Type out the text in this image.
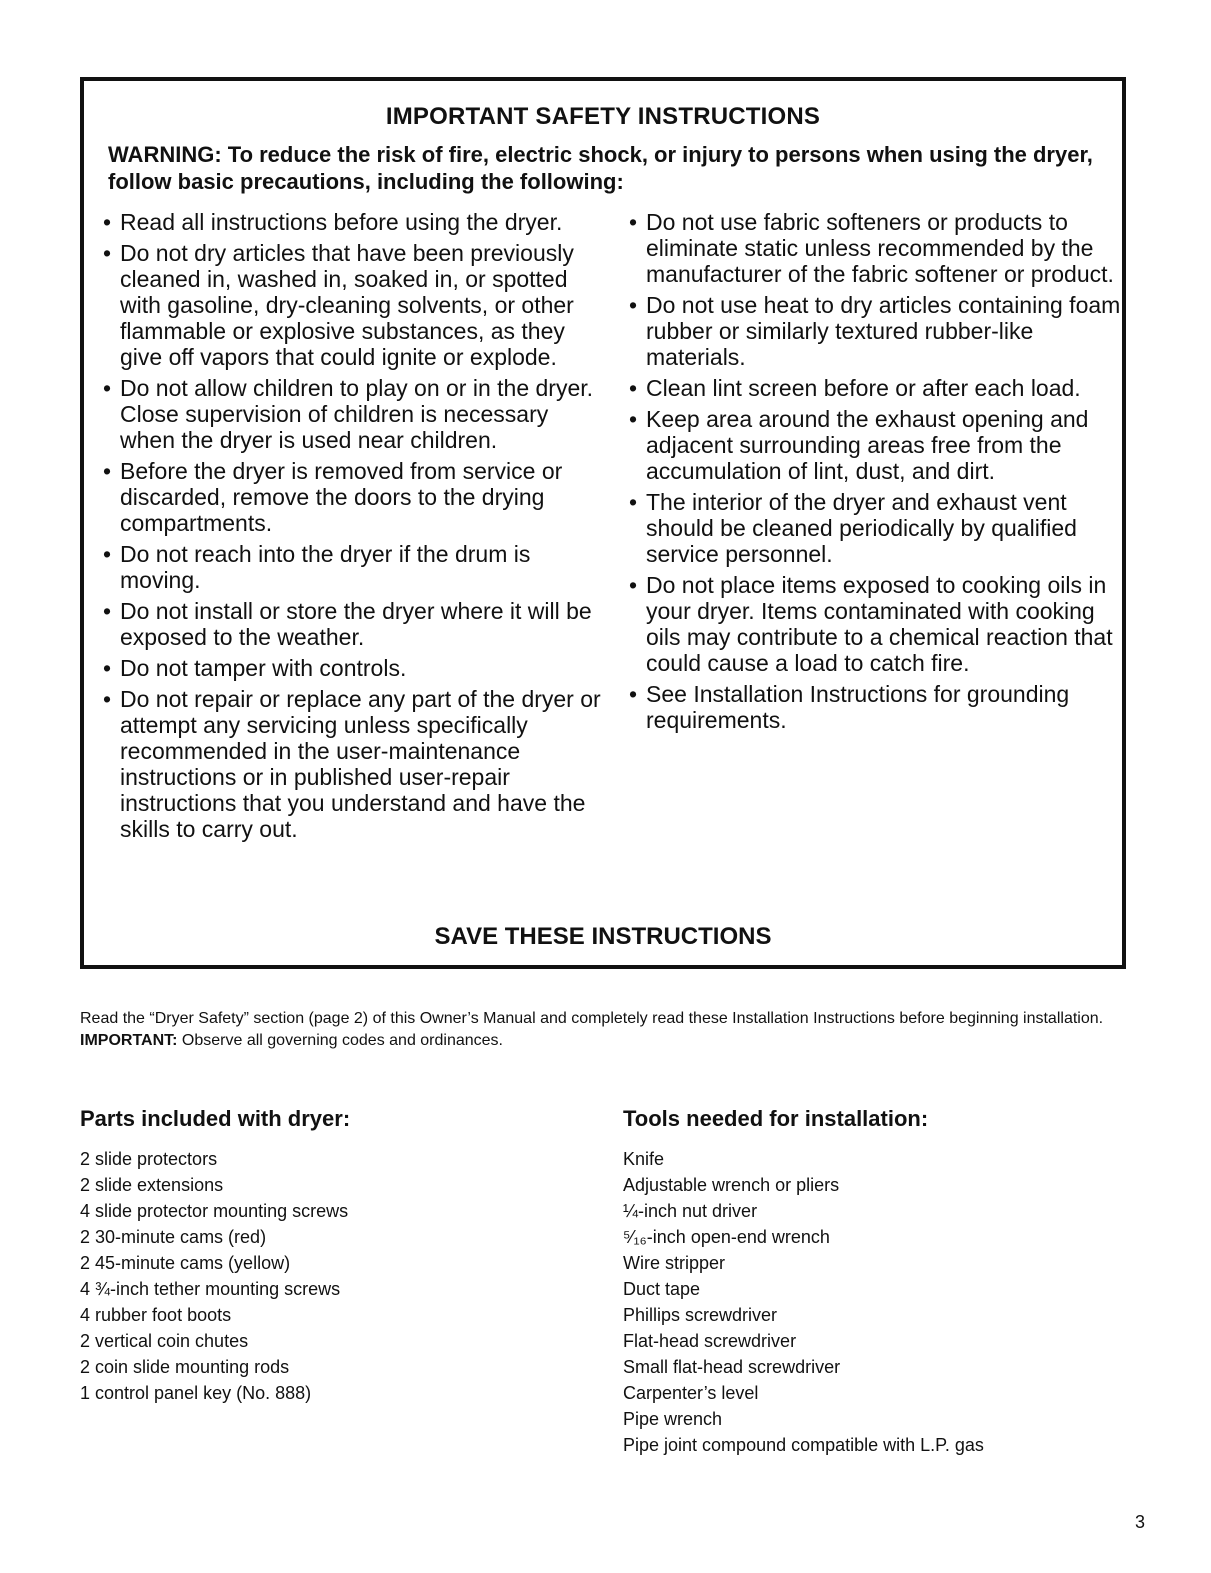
IMPORTANT SAFETY INSTRUCTIONS
WARNING: To reduce the risk of fire, electric shock, or injury to persons when using the dryer, follow basic precautions, including the following:
• Read all instructions before using the dryer.
• Do not dry articles that have been previously cleaned in, washed in, soaked in, or spotted with gasoline, dry-cleaning solvents, or other flammable or explosive substances, as they give off vapors that could ignite or explode.
• Do not allow children to play on or in the dryer. Close supervision of children is necessary when the dryer is used near children.
• Before the dryer is removed from service or discarded, remove the doors to the drying compartments.
• Do not reach into the dryer if the drum is moving.
• Do not install or store the dryer where it will be exposed to the weather.
• Do not tamper with controls.
• Do not repair or replace any part of the dryer or attempt any servicing unless specifically recommended in the user-maintenance instructions or in published user-repair instructions that you understand and have the skills to carry out.
• Do not use fabric softeners or products to eliminate static unless recommended by the manufacturer of the fabric softener or product.
• Do not use heat to dry articles containing foam rubber or similarly textured rubber-like materials.
• Clean lint screen before or after each load.
• Keep area around the exhaust opening and adjacent surrounding areas free from the accumulation of lint, dust, and dirt.
• The interior of the dryer and exhaust vent should be cleaned periodically by qualified service personnel.
• Do not place items exposed to cooking oils in your dryer. Items contaminated with cooking oils may contribute to a chemical reaction that could cause a load to catch fire.
• See Installation Instructions for grounding requirements.
SAVE THESE INSTRUCTIONS

Read the “Dryer Safety” section (page 2) of this Owner’s Manual and completely read these Installation Instructions before beginning installation.

IMPORTANT: Observe all governing codes and ordinances.

Parts included with dryer:
2 slide protectors
2 slide extensions
4 slide protector mounting screws
2 30-minute cams (red)
2 45-minute cams (yellow)
4 ¾-inch tether mounting screws
4 rubber foot boots
2 vertical coin chutes
2 coin slide mounting rods
1 control panel key (No. 888)
Tools needed for installation:
Knife
Adjustable wrench or pliers
¼-inch nut driver
⁵⁄₁₆-inch open-end wrench
Wire stripper
Duct tape
Phillips screwdriver
Flat-head screwdriver
Small flat-head screwdriver
Carpenter’s level
Pipe wrench
Pipe joint compound compatible with L.P. gas
3
